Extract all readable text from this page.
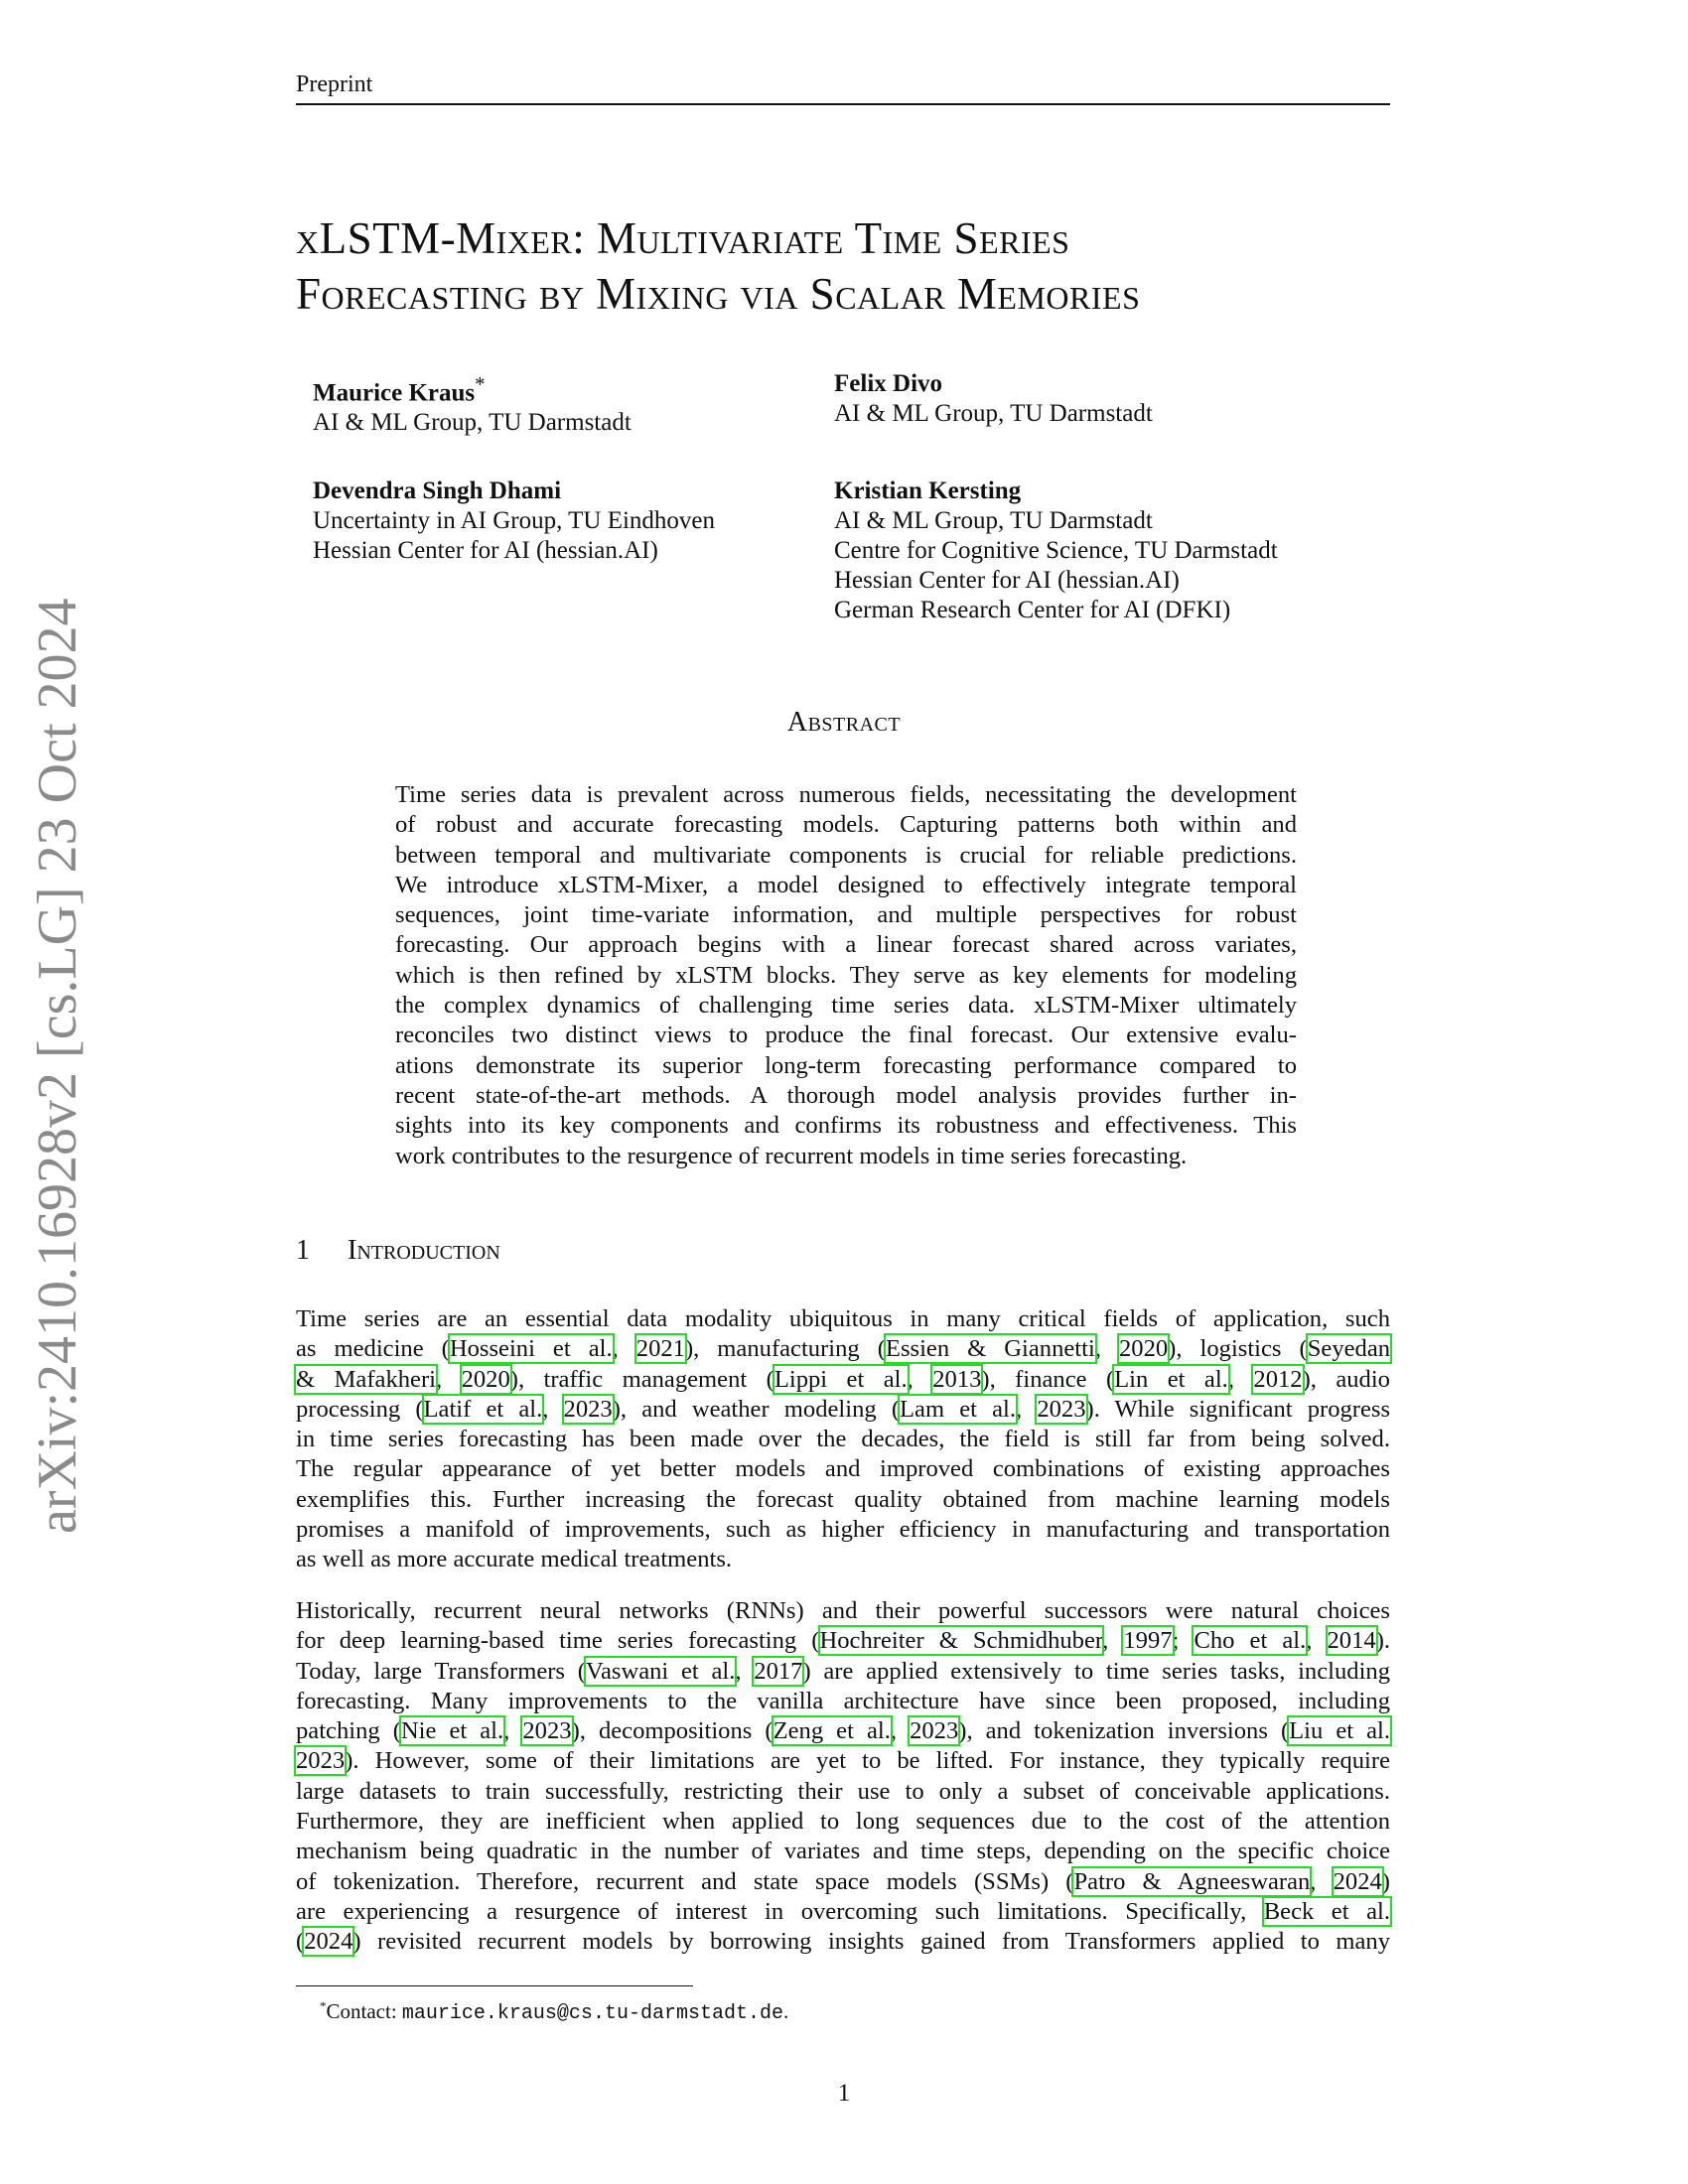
Preprint
arXiv:2410.16928v2 [cs.LG] 23 Oct 2024
xLSTM-Mixer: Multivariate Time Series
Forecasting by Mixing via Scalar Memories
Maurice Kraus*
AI & ML Group, TU Darmstadt
Felix Divo
AI & ML Group, TU Darmstadt
Devendra Singh Dhami
Uncertainty in AI Group, TU Eindhoven
Hessian Center for AI (hessian.AI)
Kristian Kersting
AI & ML Group, TU Darmstadt
Centre for Cognitive Science, TU Darmstadt
Hessian Center for AI (hessian.AI)
German Research Center for AI (DFKI)
Abstract
Time series data is prevalent across numerous fields, necessitating the development
of robust and accurate forecasting models. Capturing patterns both within and
between temporal and multivariate components is crucial for reliable predictions.
We introduce xLSTM-Mixer, a model designed to effectively integrate temporal
sequences, joint time-variate information, and multiple perspectives for robust
forecasting. Our approach begins with a linear forecast shared across variates,
which is then refined by xLSTM blocks. They serve as key elements for modeling
the complex dynamics of challenging time series data. xLSTM-Mixer ultimately
reconciles two distinct views to produce the final forecast. Our extensive evalu-
ations demonstrate its superior long-term forecasting performance compared to
recent state-of-the-art methods. A thorough model analysis provides further in-
sights into its key components and confirms its robustness and effectiveness. This
work contributes to the resurgence of recurrent models in time series forecasting.
1 Introduction
Time series are an essential data modality ubiquitous in many critical fields of application, such
as medicine (Hosseini et al., 2021), manufacturing (Essien & Giannetti, 2020), logistics (Seyedan
& Mafakheri, 2020), traffic management (Lippi et al., 2013), finance (Lin et al., 2012), audio
processing (Latif et al., 2023), and weather modeling (Lam et al., 2023). While significant progress
in time series forecasting has been made over the decades, the field is still far from being solved.
The regular appearance of yet better models and improved combinations of existing approaches
exemplifies this. Further increasing the forecast quality obtained from machine learning models
promises a manifold of improvements, such as higher efficiency in manufacturing and transportation
as well as more accurate medical treatments.
Historically, recurrent neural networks (RNNs) and their powerful successors were natural choices
for deep learning-based time series forecasting (Hochreiter & Schmidhuber, 1997; Cho et al., 2014).
Today, large Transformers (Vaswani et al., 2017) are applied extensively to time series tasks, including
forecasting. Many improvements to the vanilla architecture have since been proposed, including
patching (Nie et al., 2023), decompositions (Zeng et al., 2023), and tokenization inversions (Liu et al.
2023). However, some of their limitations are yet to be lifted. For instance, they typically require
large datasets to train successfully, restricting their use to only a subset of conceivable applications.
Furthermore, they are inefficient when applied to long sequences due to the cost of the attention
mechanism being quadratic in the number of variates and time steps, depending on the specific choice
of tokenization. Therefore, recurrent and state space models (SSMs) (Patro & Agneeswaran, 2024)
are experiencing a resurgence of interest in overcoming such limitations. Specifically, Beck et al.
(2024) revisited recurrent models by borrowing insights gained from Transformers applied to many
*Contact: maurice.kraus@cs.tu-darmstadt.de.
1
